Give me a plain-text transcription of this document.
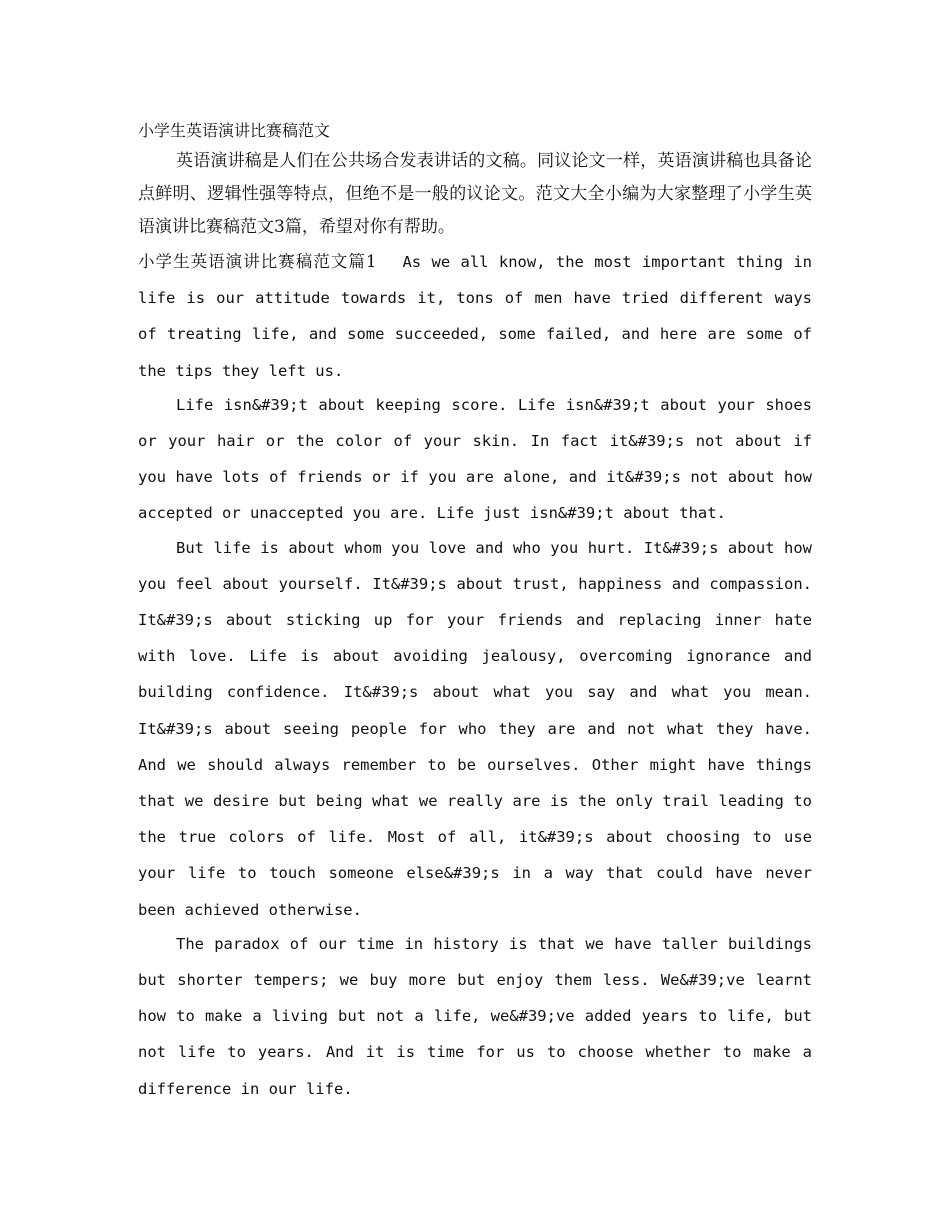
小学生英语演讲比赛稿范文

英语演讲稿是人们在公共场合发表讲话的文稿。同议论文一样，英语演讲稿也具备论点鲜明、逻辑性强等特点，但绝不是一般的议论文。范文大全小编为大家整理了小学生英语演讲比赛稿范文3篇，希望对你有帮助。

小学生英语演讲比赛稿范文篇1 As we all know, the most important thing in life is our attitude towards it, tons of men have tried different ways of treating life, and some succeeded, some failed, and here are some of the tips they left us.

Life isn&#39;t about keeping score. Life isn&#39;t about your shoes or your hair or the color of your skin. In fact it&#39;s not about if you have lots of friends or if you are alone, and it&#39;s not about how accepted or unaccepted you are. Life just isn&#39;t about that.

But life is about whom you love and who you hurt. It&#39;s about how you feel about yourself. It&#39;s about trust, happiness and compassion. It&#39;s about sticking up for your friends and replacing inner hate with love. Life is about avoiding jealousy, overcoming ignorance and building confidence. It&#39;s about what you say and what you mean. It&#39;s about seeing people for who they are and not what they have. And we should always remember to be ourselves. Other might have things that we desire but being what we really are is the only trail leading to the true colors of life. Most of all, it&#39;s about choosing to use your life to touch someone else&#39;s in a way that could have never been achieved otherwise.

The paradox of our time in history is that we have taller buildings but shorter tempers; we buy more but enjoy them less. We&#39;ve learnt how to make a living but not a life, we&#39;ve added years to life, but not life to years. And it is time for us to choose whether to make a difference in our life.
